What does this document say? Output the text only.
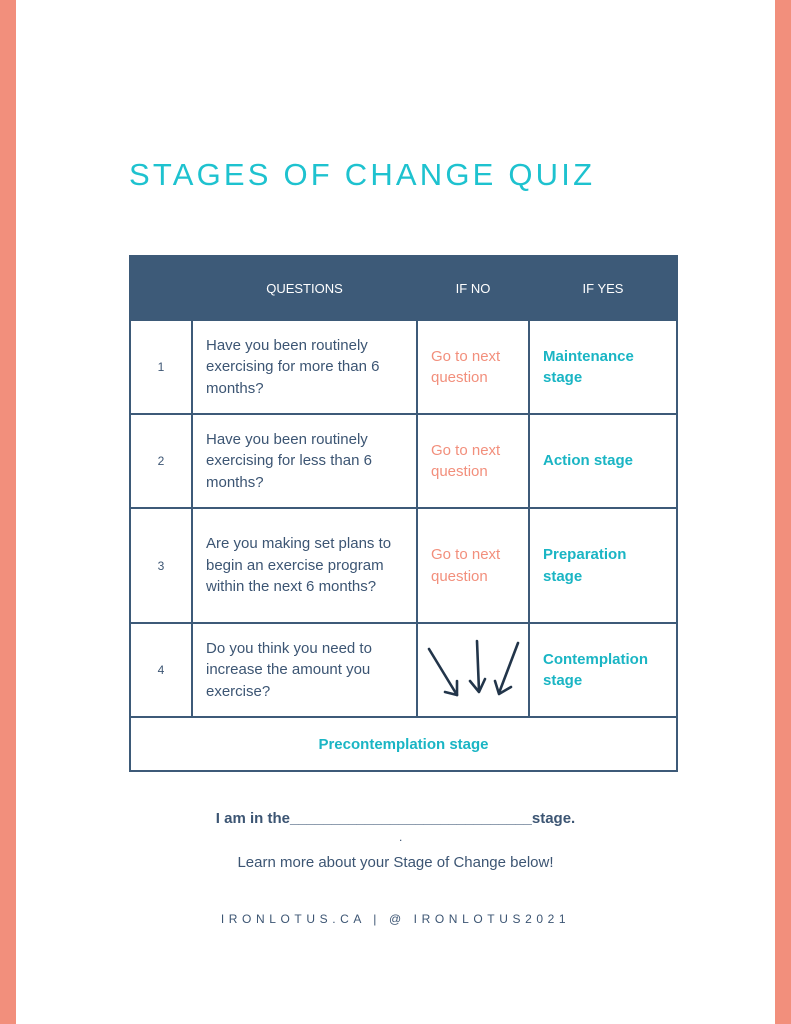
STAGES OF CHANGE QUIZ
	QUESTIONS	IF NO	IF YES
1	Have you been routinely exercising for more than 6 months?	Go to next question	Maintenance stage
2	Have you been routinely exercising for less than 6 months?	Go to next question	Action stage
3	Are you making set plans to begin an exercise program within the next 6 months?	Go to next question	Preparation stage
4	Do you think you need to increase the amount you exercise?		Contemplation stage
Precontemplation stage			
I am in the_____________________________stage.
.
Learn more about your Stage of Change below!
IRONLOTUS.CA | @ IRONLOTUS2021
